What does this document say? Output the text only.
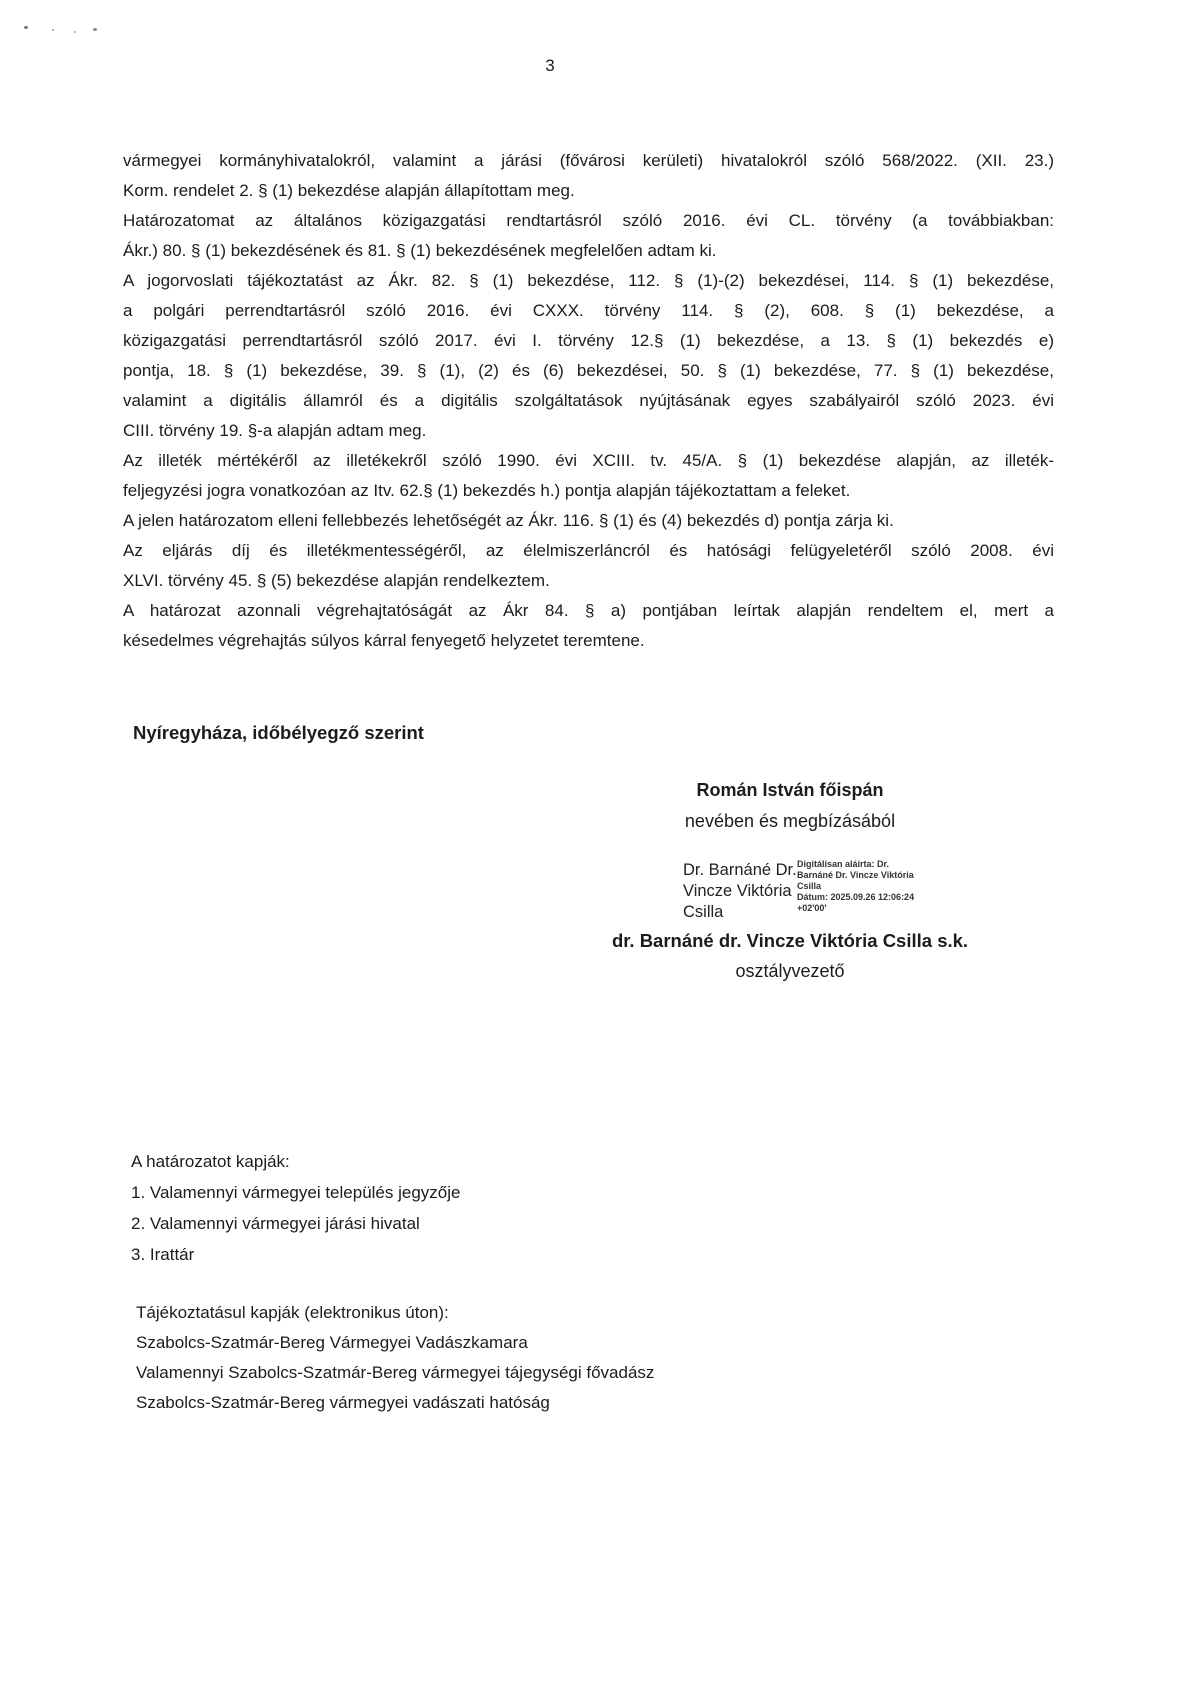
3
vármegyei kormányhivatalokról, valamint a járási (fővárosi kerületi) hivatalokról szóló 568/2022. (XII. 23.)
Korm. rendelet 2. § (1) bekezdése alapján állapítottam meg.
Határozatomat az általános közigazgatási rendtartásról szóló 2016. évi CL. törvény (a továbbiakban:
Ákr.) 80. § (1) bekezdésének és 81. § (1) bekezdésének megfelelően adtam ki.
A jogorvoslati tájékoztatást az Ákr. 82. § (1) bekezdése, 112. § (1)-(2) bekezdései, 114. § (1) bekezdése,
a polgári perrendtartásról szóló 2016. évi CXXX. törvény 114. § (2), 608. § (1) bekezdése, a
közigazgatási perrendtartásról szóló 2017. évi I. törvény 12.§ (1) bekezdése, a 13. § (1) bekezdés e)
pontja, 18. § (1) bekezdése, 39. § (1), (2) és (6) bekezdései, 50. § (1) bekezdése, 77. § (1) bekezdése,
valamint a digitális államról és a digitális szolgáltatások nyújtásának egyes szabályairól szóló 2023. évi
CIII. törvény 19. §-a alapján adtam meg.
Az illeték mértékéről az illetékekről szóló 1990. évi XCIII. tv. 45/A. § (1) bekezdése alapján, az illeték-
feljegyzési jogra vonatkozóan az Itv. 62.§ (1) bekezdés h.) pontja alapján tájékoztattam a feleket.
A jelen határozatom elleni fellebbezés lehetőségét az Ákr. 116. § (1) és (4) bekezdés d) pontja zárja ki.
Az eljárás díj és illetékmentességéről, az élelmiszerláncról és hatósági felügyeletéről szóló 2008. évi
XLVI. törvény 45. § (5) bekezdése alapján rendelkeztem.
A határozat azonnali végrehajtatóságát az Ákr 84. § a) pontjában leírtak alapján rendeltem el, mert a
késedelmes végrehajtás súlyos kárral fenyegető helyzetet teremtene.
Nyíregyháza, időbélyegző szerint
Román István főispán
nevében és megbízásából
Dr. Barnáné Dr.
Vincze Viktória
Csilla
Digitálisan aláírta: Dr.
Barnáné Dr. Vincze Viktória
Csilla
Dátum: 2025.09.26 12:06:24
+02'00'
dr. Barnáné dr. Vincze Viktória Csilla s.k.
osztályvezető
A határozatot kapják:
1. Valamennyi vármegyei település jegyzője
2. Valamennyi vármegyei járási hivatal
3. Irattár
Tájékoztatásul kapják (elektronikus úton):
Szabolcs-Szatmár-Bereg Vármegyei Vadászkamara
Valamennyi Szabolcs-Szatmár-Bereg vármegyei tájegységi fővadász
Szabolcs-Szatmár-Bereg vármegyei vadászati hatóság
